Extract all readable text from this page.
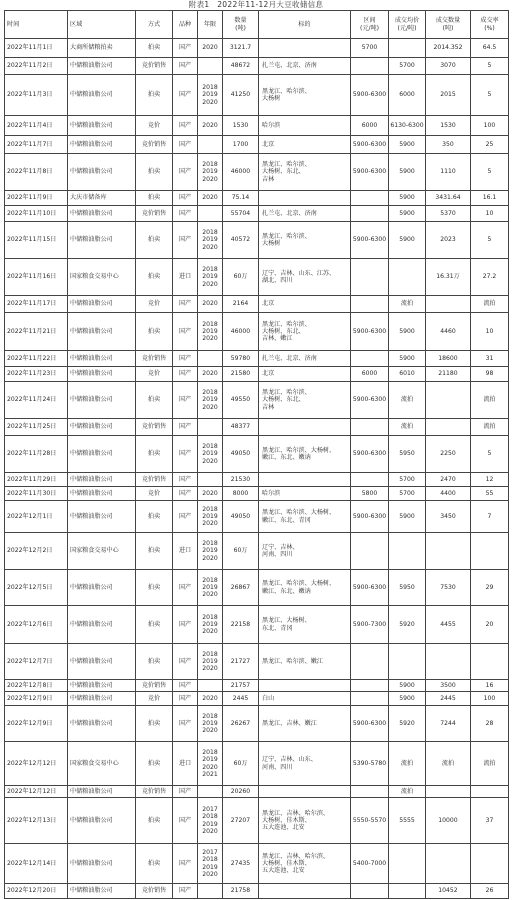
附表1　2022年11-12月大豆收储信息
时间	区域	方式	品种	年限	数量
(吨)	标的	区间
(元/吨)	成交均价
(元/吨)	成交数量
(吨)	成交率
(%)
2022年11月1日	大商所储粮拍卖	拍卖	国产	2020	3121.7		5700		2014.352	64.5
2022年11月2日	中储粮油脂公司	竞价销售	国产		48672	扎兰屯、北京、济南		5700	3070	5
2022年11月3日	中储粮油脂公司	拍卖	国产	2018
2019
2020	41250	黑龙江、哈尔滨、
大杨树	5900-6300	6000	2015	5
2022年11月4日	中储粮油脂公司	竞价	国产	2020	1530	哈尔滨	6000	6130-6300	1530	100
2022年11月7日	中储粮油脂公司	竞价销售	国产		1700	北京	5900-6300	5900	350	25
2022年11月8日	中储粮油脂公司	拍卖	国产	2018
2019
2020	46000	黑龙江、哈尔滨、
大杨树、东北、
吉林	5900-6300	5900	1110	5
2022年11月9日	大庆市储备库	拍卖	国产	2020	75.14			5900	3431.64	16.1
2022年11月10日	中储粮油脂公司	竞价销售	国产		55704	扎兰屯、北京、济南		5900	5370	10
2022年11月15日	中储粮油脂公司	拍卖	国产	2018
2019
2020	40572	黑龙江、哈尔滨、
大杨树	5900-6300	5900	2023	5
2022年11月16日	国家粮食交易中心	拍卖	进口	2018
2019
2020	60万	辽宁、吉林、山东、江苏、
湖北、四川			16.31万	27.2
2022年11月17日	中储粮油脂公司	竞价	国产	2020	2164	北京		流拍		流拍
2022年11月21日	中储粮油脂公司	拍卖	国产	2018
2019
2020	46000	黑龙江、哈尔滨、
大杨树、东北、
吉林、嫩江	5900-6300	5900	4460	10
2022年11月22日	中储粮油脂公司	竞价销售	国产		59780	扎兰屯、北京、济南		5900	18600	31
2022年11月23日	中储粮油脂公司	竞价	国产	2020	21580	北京	6000	6010	21180	98
2022年11月24日	中储粮油脂公司	拍卖	国产	2018
2019
2020	49550	黑龙江、哈尔滨、
大杨树、东北、
吉林	5900-6300	流拍		流拍
2022年11月25日	中储粮油脂公司	竞价销售	国产		48377			流拍		流拍
2022年11月28日	中储粮油脂公司	拍卖	国产	2018
2019
2020	49050	黑龙江、哈尔滨、大杨树、
嫩江、东北、嫩讷	5900-6300	5950	2250	5
2022年11月29日	中储粮油脂公司	竞价销售	国产		21530			5700	2470	12
2022年11月30日	中储粮油脂公司	竞价	国产	2020	8000	哈尔滨	5800	5700	4400	55
2022年12月1日	中储粮油脂公司	拍卖	国产	2018
2019
2020	49050	黑龙江、哈尔滨、大杨树、
嫩江、东北、青冈	5900-6300	5900	3450	7
2022年12月2日	国家粮食交易中心	拍卖	进口	2018
2019
2020	60万	辽宁、吉林、
河南、四川				
2022年12月5日	中储粮油脂公司	拍卖	国产	2018
2019
2020	26867	黑龙江、哈尔滨、大杨树、
嫩江、东北、嫩讷	5900-6300	5950	7530	29
2022年12月6日	中储粮油脂公司	拍卖	国产	2018
2019
2020	22158	黑龙江、大杨树、
东北、青冈	5900-7300	5920	4455	20
2022年12月7日	中储粮油脂公司	拍卖	国产	2018
2019
2020	21727	黑龙江、哈尔滨、嫩江				
2022年12月8日	中储粮油脂公司	竞价销售	国产		21757			5900	3500	16
2022年12月9日	中储粮油脂公司	竞价	国产	2020	2445	白山		5900	2445	100
2022年12月9日	中储粮油脂公司	拍卖	国产	2018
2019
2020	26267	黑龙江、吉林、嫩江	5900-6300	5920	7244	28
2022年12月12日	国家粮食交易中心	拍卖	进口	2018
2019
2020
2021	60万	辽宁、吉林、山东、
河南、四川	5390-5780	流拍	流拍	流拍
2022年12月12日	中储粮油脂公司	竞价销售	国产		20260			流拍		
2022年12月13日	中储粮油脂公司	拍卖	国产	2017
2018
2019
2020	27207	黑龙江、吉林、哈尔滨、
大杨树、佳木斯、
五大连池、北安	5550-5570	5555	10000	37
2022年12月14日	中储粮油脂公司	拍卖	国产	2017
2018
2019
2020	27435	黑龙江、吉林、哈尔滨、
大杨树、佳木斯、
五大连池、北安	5400-7000			
2022年12月20日	中储粮油脂公司	竞价销售	国产		21758				10452	26
